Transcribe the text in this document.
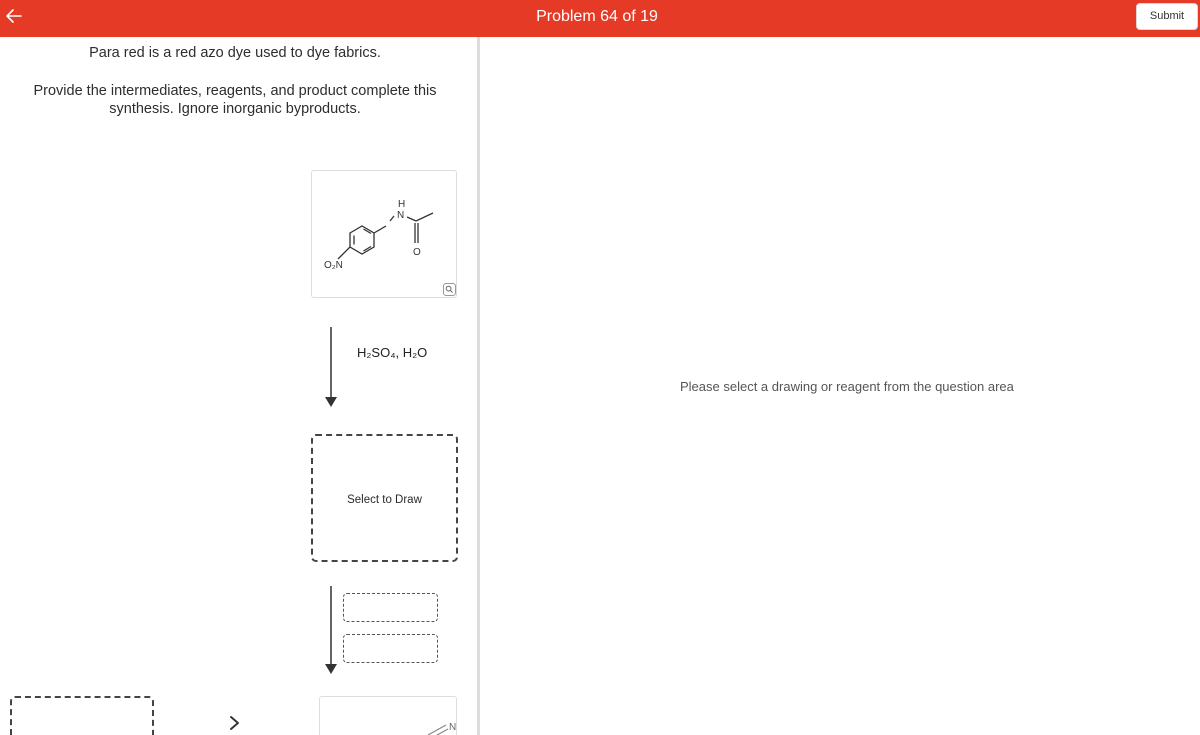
Problem 64 of 19	Submit
Para red is a red azo dye used to dye fabrics.
Provide the intermediates, reagents, and product complete this synthesis. Ignore inorganic byproducts.
O₂N
H
N
O
H₂SO₄, H₂O
Select to Draw
N
Please select a drawing or reagent from the question area
